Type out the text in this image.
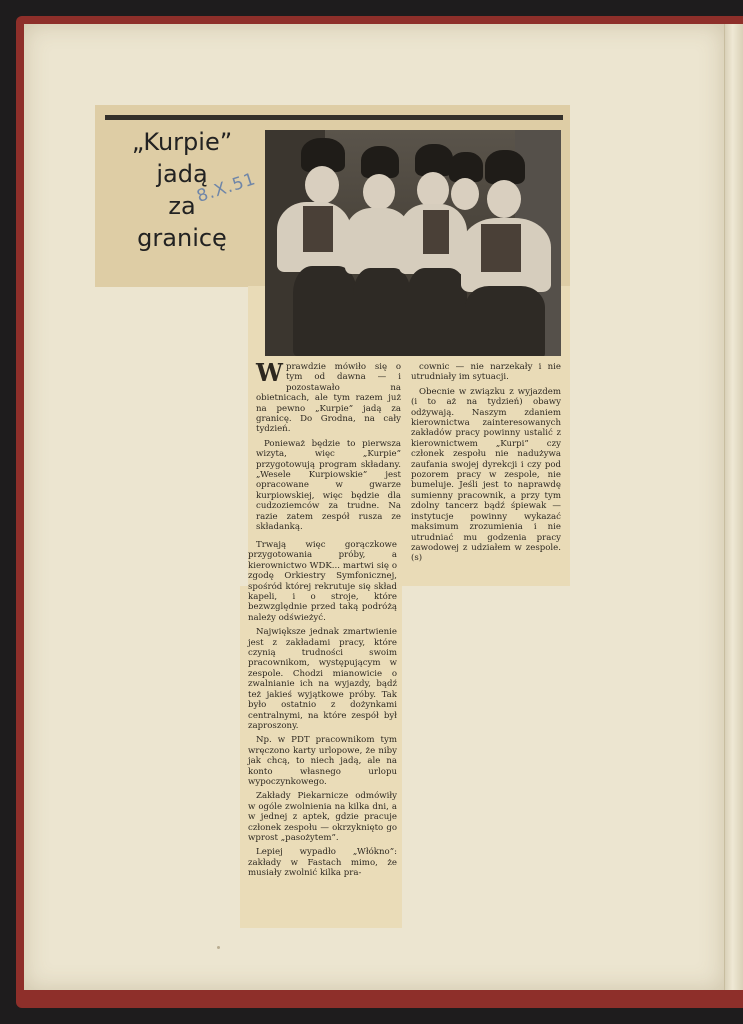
„Kurpie”
jadą
za
granicę
8.X.51

Wprawdzie mówiło się o tym od dawna — i pozostawało na obietnicach, ale tym razem już na pewno „Kurpie” jadą za granicę. Do Grodna, na cały tydzień.

Ponieważ będzie to pierwsza wizyta, więc „Kurpie” przygotowują program składany. „Wesele Kurpiowskie” jest opracowane w gwarze kurpiowskiej, więc będzie dla cudzoziemców za trudne. Na razie zatem zespół rusza ze składanką.

cownic — nie narzekały i nie utrudniały im sytuacji.

Obecnie w związku z wyjazdem (i to aż na tydzień) obawy odżywają. Naszym zdaniem kierownictwa zainteresowanych zakładów pracy powinny ustalić z kierownictwem „Kurpi” czy członek zespołu nie nadużywa zaufania swojej dyrekcji i czy pod pozorem pracy w zespole, nie bumeluje. Jeśli jest to naprawdę sumienny pracownik, a przy tym zdolny tancerz bądź śpiewak — instytucje powinny wykazać maksimum zrozumienia i nie utrudniać mu godzenia pracy zawodowej z udziałem w zespole. (s)

Trwają więc gorączkowe przygotowania próby, a kierownictwo WDK... martwi się o zgodę Orkiestry Symfonicznej, spośród której rekrutuje się skład kapeli, i o stroje, które bezwzględnie przed taką podróżą należy odświeżyć.

Największe jednak zmartwienie jest z zakładami pracy, które czynią trudności swoim pracownikom, występującym w zespole. Chodzi mianowicie o zwalnianie ich na wyjazdy, bądź też jakieś wyjątkowe próby. Tak było ostatnio z dożynkami centralnymi, na które zespół był zaproszony.

Np. w PDT pracownikom tym wręczono karty urlopowe, że niby jak chcą, to niech jadą, ale na konto własnego urlopu wypoczynkowego.

Zakłady Piekarnicze odmówiły w ogóle zwolnienia na kilka dni, a w jednej z aptek, gdzie pracuje członek zespołu — okrzyknięto go wprost „pasożytem”.

Lepiej wypadło „Włókno”: zakłady w Fastach mimo, że musiały zwolnić kilka pra-
